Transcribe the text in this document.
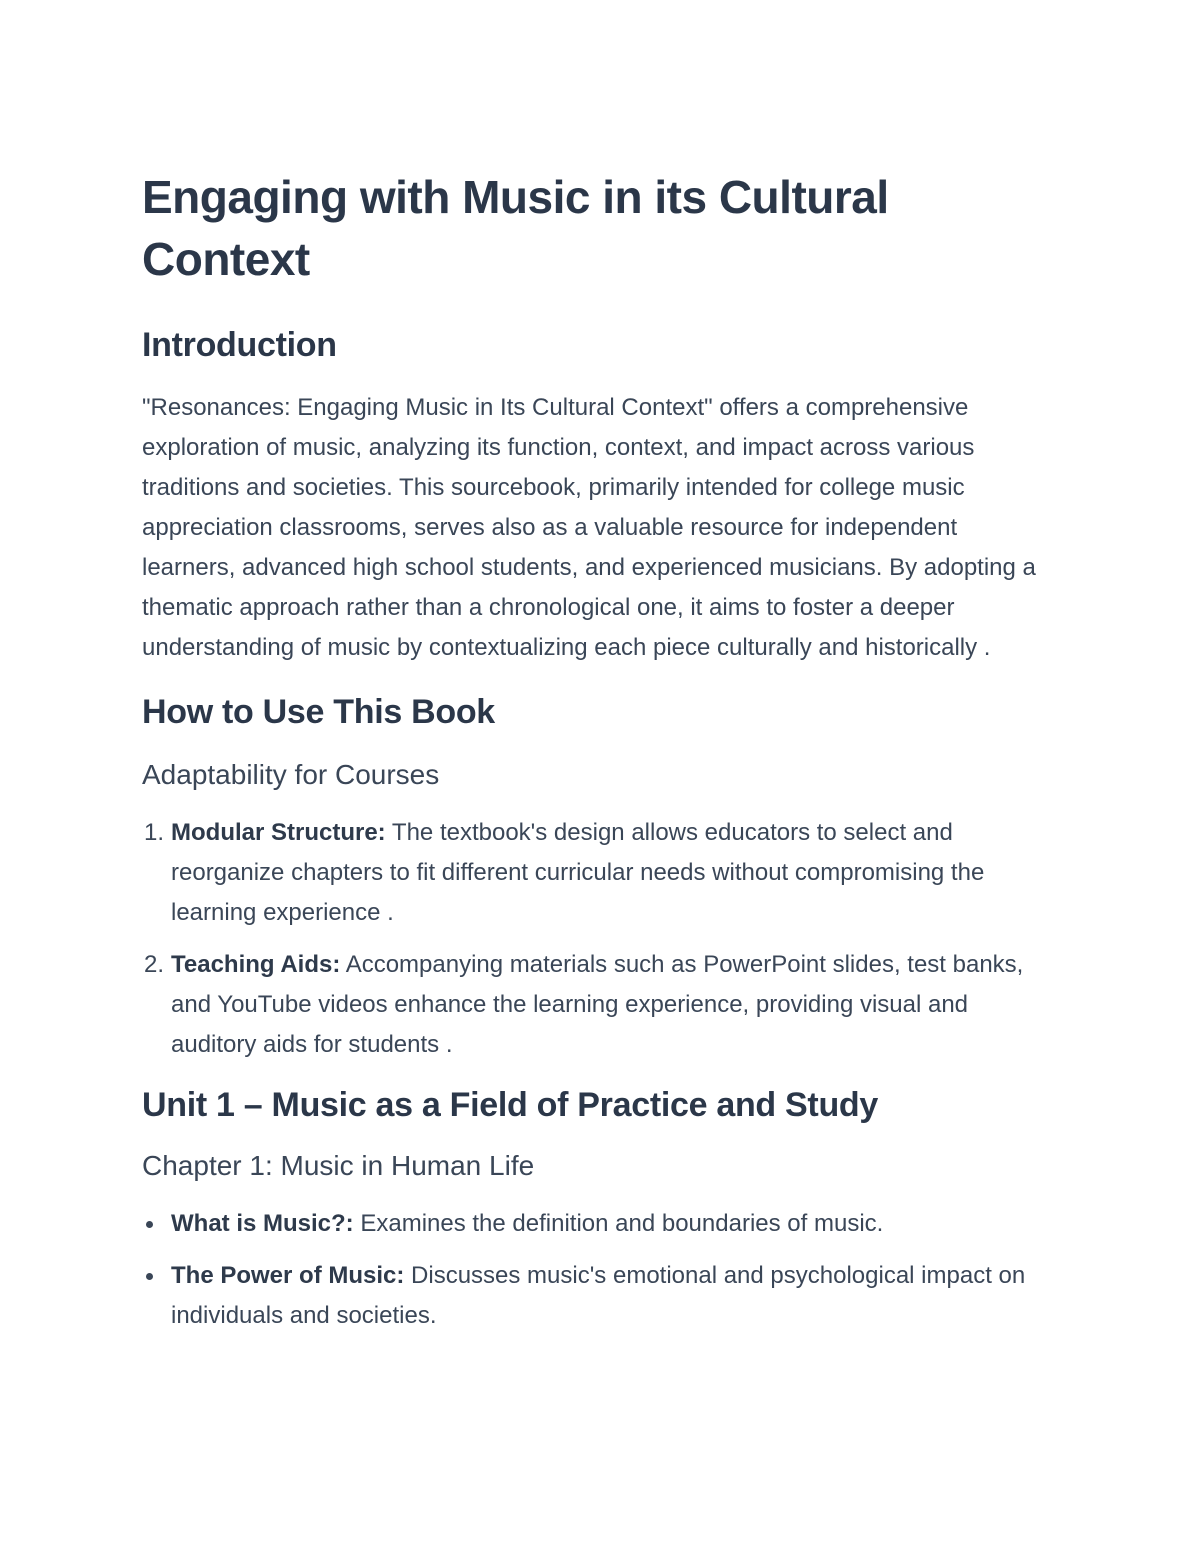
Engaging with Music in its Cultural Context
Introduction

"Resonances: Engaging Music in Its Cultural Context" offers a comprehensive exploration of music, analyzing its function, context, and impact across various traditions and societies. This sourcebook, primarily intended for college music appreciation classrooms, serves also as a valuable resource for independent learners, advanced high school students, and experienced musicians. By adopting a thematic approach rather than a chronological one, it aims to foster a deeper understanding of music by contextualizing each piece culturally and historically .

How to Use This Book
Adaptability for Courses
1. Modular Structure: The textbook's design allows educators to select and reorganize chapters to fit different curricular needs without compromising the learning experience .
2. Teaching Aids: Accompanying materials such as PowerPoint slides, test banks, and YouTube videos enhance the learning experience, providing visual and auditory aids for students .
Unit 1 – Music as a Field of Practice and Study
Chapter 1: Music in Human Life
What is Music?: Examines the definition and boundaries of music.
The Power of Music: Discusses music's emotional and psychological impact on individuals and societies.
